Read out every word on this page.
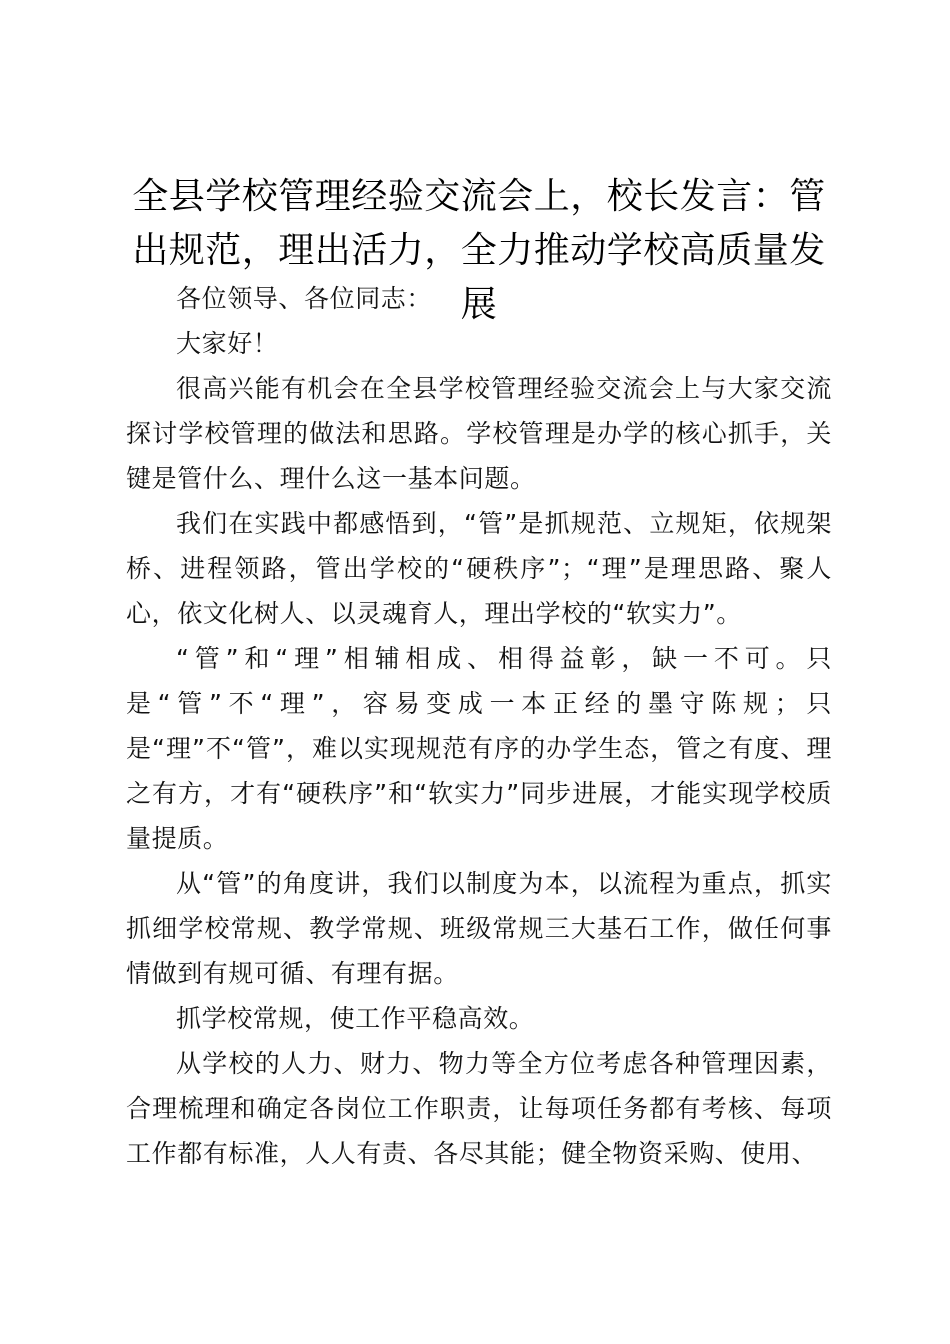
全县学校管理经验交流会上，校长发言：管出规范，理出活力，全力推动学校高质量发展

各位领导、各位同志：

大家好！

很高兴能有机会在全县学校管理经验交流会上与大家交流探讨学校管理的做法和思路。学校管理是办学的核心抓手，关键是管什么、理什么这一基本问题。

我们在实践中都感悟到，“管”是抓规范、立规矩，依规架桥、进程领路，管出学校的“硬秩序”；“理”是理思路、聚人心，依文化树人、以灵魂育人，理出学校的“软实力”。

“管”和“理”相辅相成、相得益彰，缺一不可。只是“管”不“理”，容易变成一本正经的墨守陈规；只是“理”不“管”，难以实现规范有序的办学生态，管之有度、理之有方，才有“硬秩序”和“软实力”同步进展，才能实现学校质量提质。

从“管”的角度讲，我们以制度为本，以流程为重点，抓实抓细学校常规、教学常规、班级常规三大基石工作，做任何事情做到有规可循、有理有据。

抓学校常规，使工作平稳高效。

从学校的人力、财力、物力等全方位考虑各种管理因素，合理梳理和确定各岗位工作职责，让每项任务都有考核、每项工作都有标准，人人有责、各尽其能；健全物资采购、使用、
